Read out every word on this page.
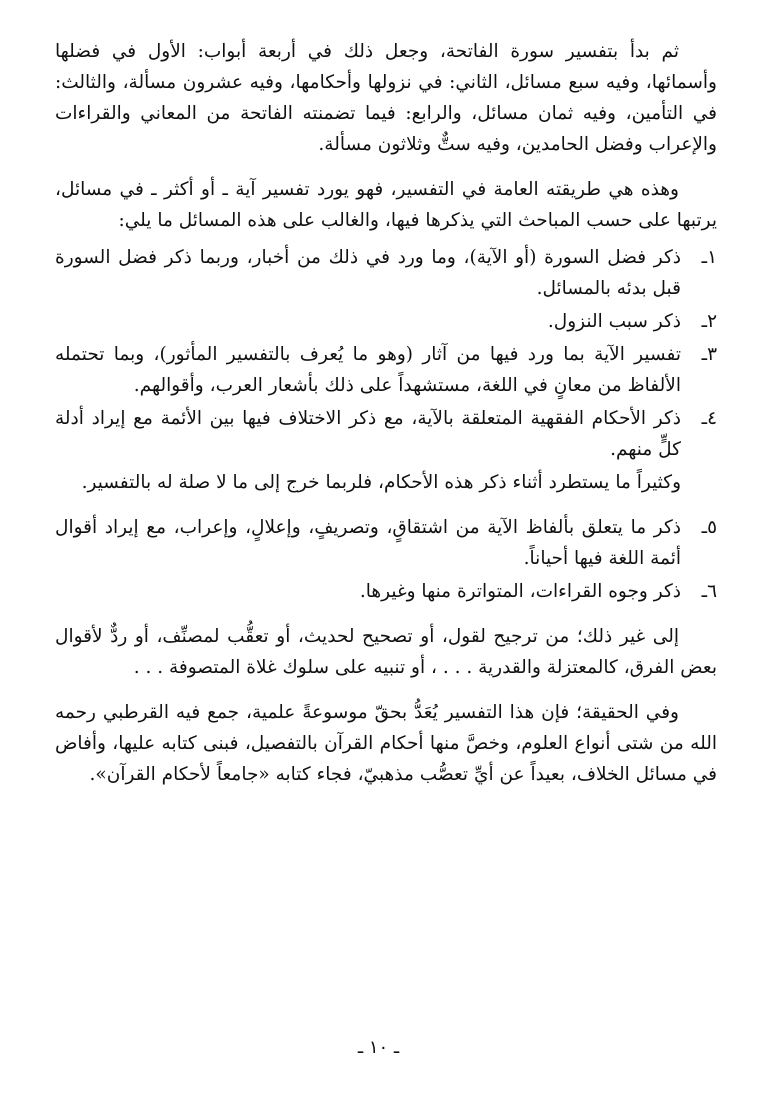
ثم بدأ بتفسير سورة الفاتحة، وجعل ذلك في أربعة أبواب: الأول في فضلها وأسمائها، وفيه سبع مسائل، الثاني: في نزولها وأحكامها، وفيه عشرون مسألة، والثالث: في التأمين، وفيه ثمان مسائل، والرابع: فيما تضمنته الفاتحة من المعاني والقراءات والإعراب وفضل الحامدين، وفيه ستٌّ وثلاثون مسألة.

وهذه هي طريقته العامة في التفسير، فهو يورد تفسير آية ـ أو أكثر ـ في مسائل، يرتبها على حسب المباحث التي يذكرها فيها، والغالب على هذه المسائل ما يلي:

١ـ
ذكر فضل السورة (أو الآية)، وما ورد في ذلك من أخبار، وربما ذكر فضل السورة قبل بدئه بالمسائل.
٢ـ
ذكر سبب النزول.
٣ـ
تفسير الآية بما ورد فيها من آثار (وهو ما يُعرف بالتفسير المأثور)، وبما تحتمله الألفاظ من معانٍ في اللغة، مستشهداً على ذلك بأشعار العرب، وأقوالهم.
٤ـ
ذكر الأحكام الفقهية المتعلقة بالآية، مع ذكر الاختلاف فيها بين الأئمة مع إيراد أدلة كلٍّ منهم.

وكثيراً ما يستطرد أثناء ذكر هذه الأحكام، فلربما خرج إلى ما لا صلة له بالتفسير.

٥ـ
ذكر ما يتعلق بألفاظ الآية من اشتقاقٍ، وتصريفٍ، وإعلالٍ، وإعراب، مع إيراد أقوال أئمة اللغة فيها أحياناً.
٦ـ
ذكر وجوه القراءات، المتواترة منها وغيرها.

إلى غير ذلك؛ من ترجيح لقول، أو تصحيح لحديث، أو تعقُّب لمصنِّف، أو ردٌّ لأقوال بعض الفرق، كالمعتزلة والقدرية . . . ، أو تنبيه على سلوك غلاة المتصوفة . . .

وفي الحقيقة؛ فإن هذا التفسير يُعَدُّ بحقّ موسوعةً علمية، جمع فيه القرطبي رحمه الله من شتى أنواع العلوم، وخصَّ منها أحكام القرآن بالتفصيل، فبنى كتابه عليها، وأفاض في مسائل الخلاف، بعيداً عن أيِّ تعصُّب مذهبيّ، فجاء كتابه «جامعاً لأحكام القرآن».

ـ ١٠ ـ
